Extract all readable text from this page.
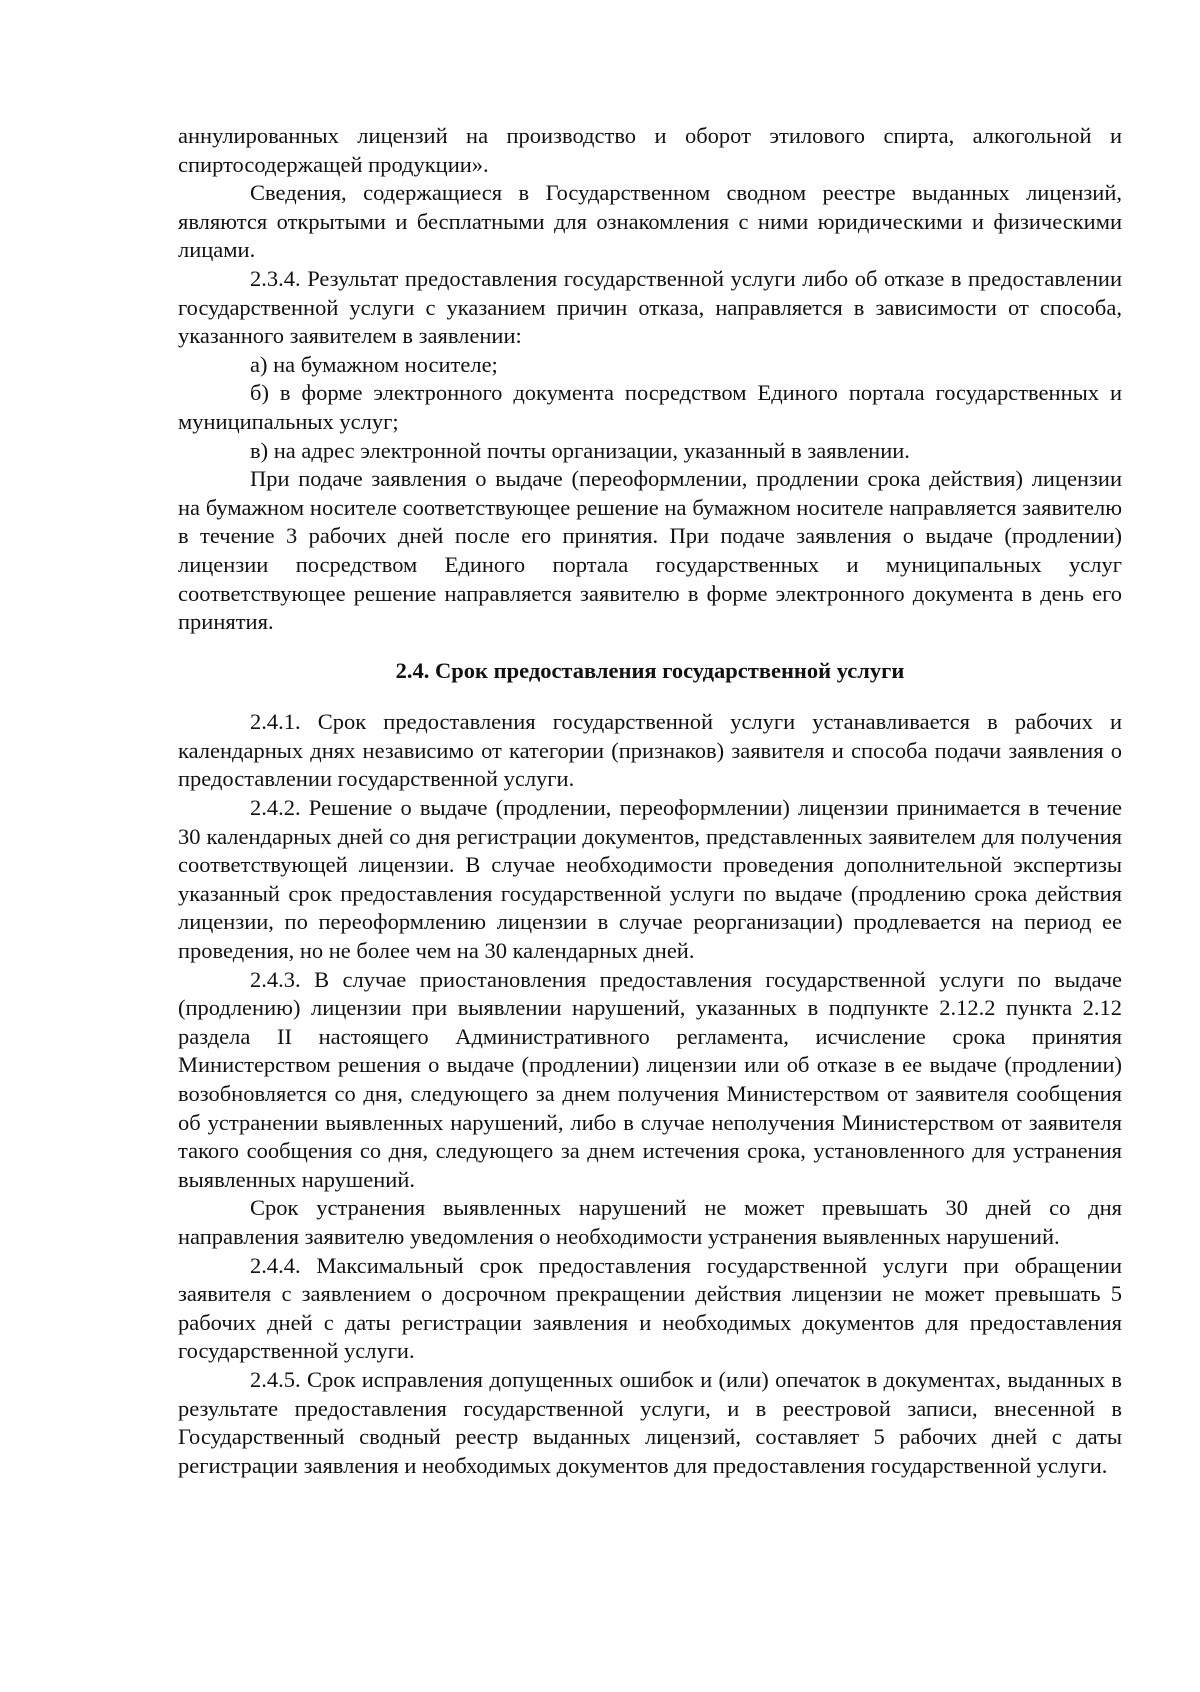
аннулированных лицензий на производство и оборот этилового спирта, алкогольной и спиртосодержащей продукции».

Сведения, содержащиеся в Государственном сводном реестре выданных лицензий, являются открытыми и бесплатными для ознакомления с ними юридическими и физическими лицами.

2.3.4. Результат предоставления государственной услуги либо об отказе в предоставлении государственной услуги с указанием причин отказа, направляется в зависимости от способа, указанного заявителем в заявлении:

а) на бумажном носителе;

б) в форме электронного документа посредством Единого портала государственных и муниципальных услуг;

в) на адрес электронной почты организации, указанный в заявлении.

При подаче заявления о выдаче (переоформлении, продлении срока действия) лицензии на бумажном носителе соответствующее решение на бумажном носителе направляется заявителю в течение 3 рабочих дней после его принятия. При подаче заявления о выдаче (продлении) лицензии посредством Единого портала государственных и муниципальных услуг соответствующее решение направляется заявителю в форме электронного документа в день его принятия.

2.4. Срок предоставления государственной услуги

2.4.1. Срок предоставления государственной услуги устанавливается в рабочих и календарных днях независимо от категории (признаков) заявителя и способа подачи заявления о предоставлении государственной услуги.

2.4.2. Решение о выдаче (продлении, переоформлении) лицензии принимается в течение 30 календарных дней со дня регистрации документов, представленных заявителем для получения соответствующей лицензии. В случае необходимости проведения дополнительной экспертизы указанный срок предоставления государственной услуги по выдаче (продлению срока действия лицензии, по переоформлению лицензии в случае реорганизации) продлевается на период ее проведения, но не более чем на 30 календарных дней.

2.4.3. В случае приостановления предоставления государственной услуги по выдаче (продлению) лицензии при выявлении нарушений, указанных в подпункте 2.12.2 пункта 2.12 раздела II настоящего Административного регламента, исчисление срока принятия Министерством решения о выдаче (продлении) лицензии или об отказе в ее выдаче (продлении) возобновляется со дня, следующего за днем получения Министерством от заявителя сообщения об устранении выявленных нарушений, либо в случае неполучения Министерством от заявителя такого сообщения со дня, следующего за днем истечения срока, установленного для устранения выявленных нарушений.

Срок устранения выявленных нарушений не может превышать 30 дней со дня направления заявителю уведомления о необходимости устранения выявленных нарушений.

2.4.4. Максимальный срок предоставления государственной услуги при обращении заявителя с заявлением о досрочном прекращении действия лицензии не может превышать 5 рабочих дней с даты регистрации заявления и необходимых документов для предоставления государственной услуги.

2.4.5. Срок исправления допущенных ошибок и (или) опечаток в документах, выданных в результате предоставления государственной услуги, и в реестровой записи, внесенной в Государственный сводный реестр выданных лицензий, составляет 5 рабочих дней с даты регистрации заявления и необходимых документов для предоставления государственной услуги.
